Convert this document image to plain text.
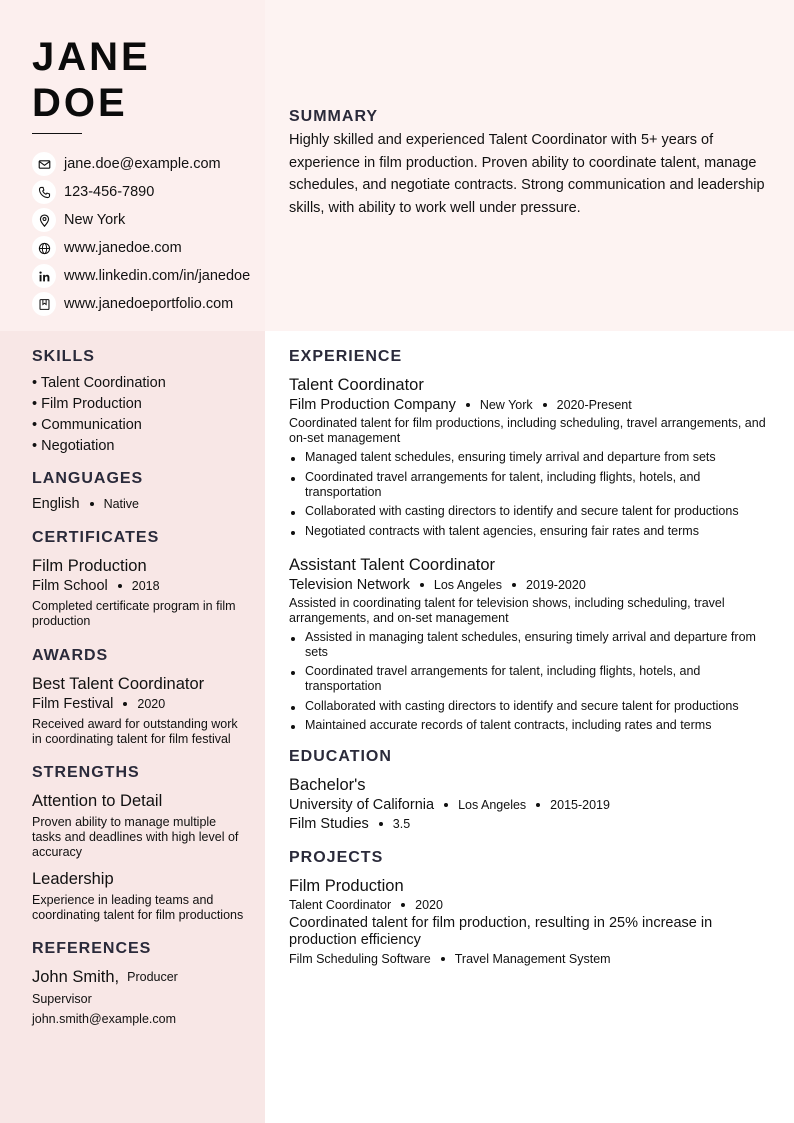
JANE
DOE
jane.doe@example.com
123-456-7890
New York
www.janedoe.com
www.linkedin.com/in/janedoe
www.janedoeportfolio.com
SUMMARY

Highly skilled and experienced Talent Coordinator with 5+ years of experience in film production. Proven ability to coordinate talent, manage schedules, and negotiate contracts. Strong communication and leadership skills, with ability to work well under pressure.

SKILLS
• Talent Coordination
• Film Production
• Communication
• Negotiation
LANGUAGES
English Native
CERTIFICATES
Film Production
Film School 2018
Completed certificate program in film production
AWARDS
Best Talent Coordinator
Film Festival 2020
Received award for outstanding work in coordinating talent for film festival
STRENGTHS
Attention to Detail
Proven ability to manage multiple tasks and deadlines with high level of accuracy
Leadership
Experience in leading teams and coordinating talent for film productions
REFERENCES
John Smith, Producer
Supervisor
john.smith@example.com
EXPERIENCE
Talent Coordinator
Film Production Company New York 2020-Present
Coordinated talent for film productions, including scheduling, travel arrangements, and on-set management
Managed talent schedules, ensuring timely arrival and departure from sets
Coordinated travel arrangements for talent, including flights, hotels, and transportation
Collaborated with casting directors to identify and secure talent for productions
Negotiated contracts with talent agencies, ensuring fair rates and terms
Assistant Talent Coordinator
Television Network Los Angeles 2019-2020
Assisted in coordinating talent for television shows, including scheduling, travel arrangements, and on-set management
Assisted in managing talent schedules, ensuring timely arrival and departure from sets
Coordinated travel arrangements for talent, including flights, hotels, and transportation
Collaborated with casting directors to identify and secure talent for productions
Maintained accurate records of talent contracts, including rates and terms
EDUCATION
Bachelor's
University of California Los Angeles 2015-2019
Film Studies 3.5
PROJECTS
Film Production
Talent Coordinator 2020
Coordinated talent for film production, resulting in 25% increase in production efficiency
Film Scheduling Software Travel Management System
